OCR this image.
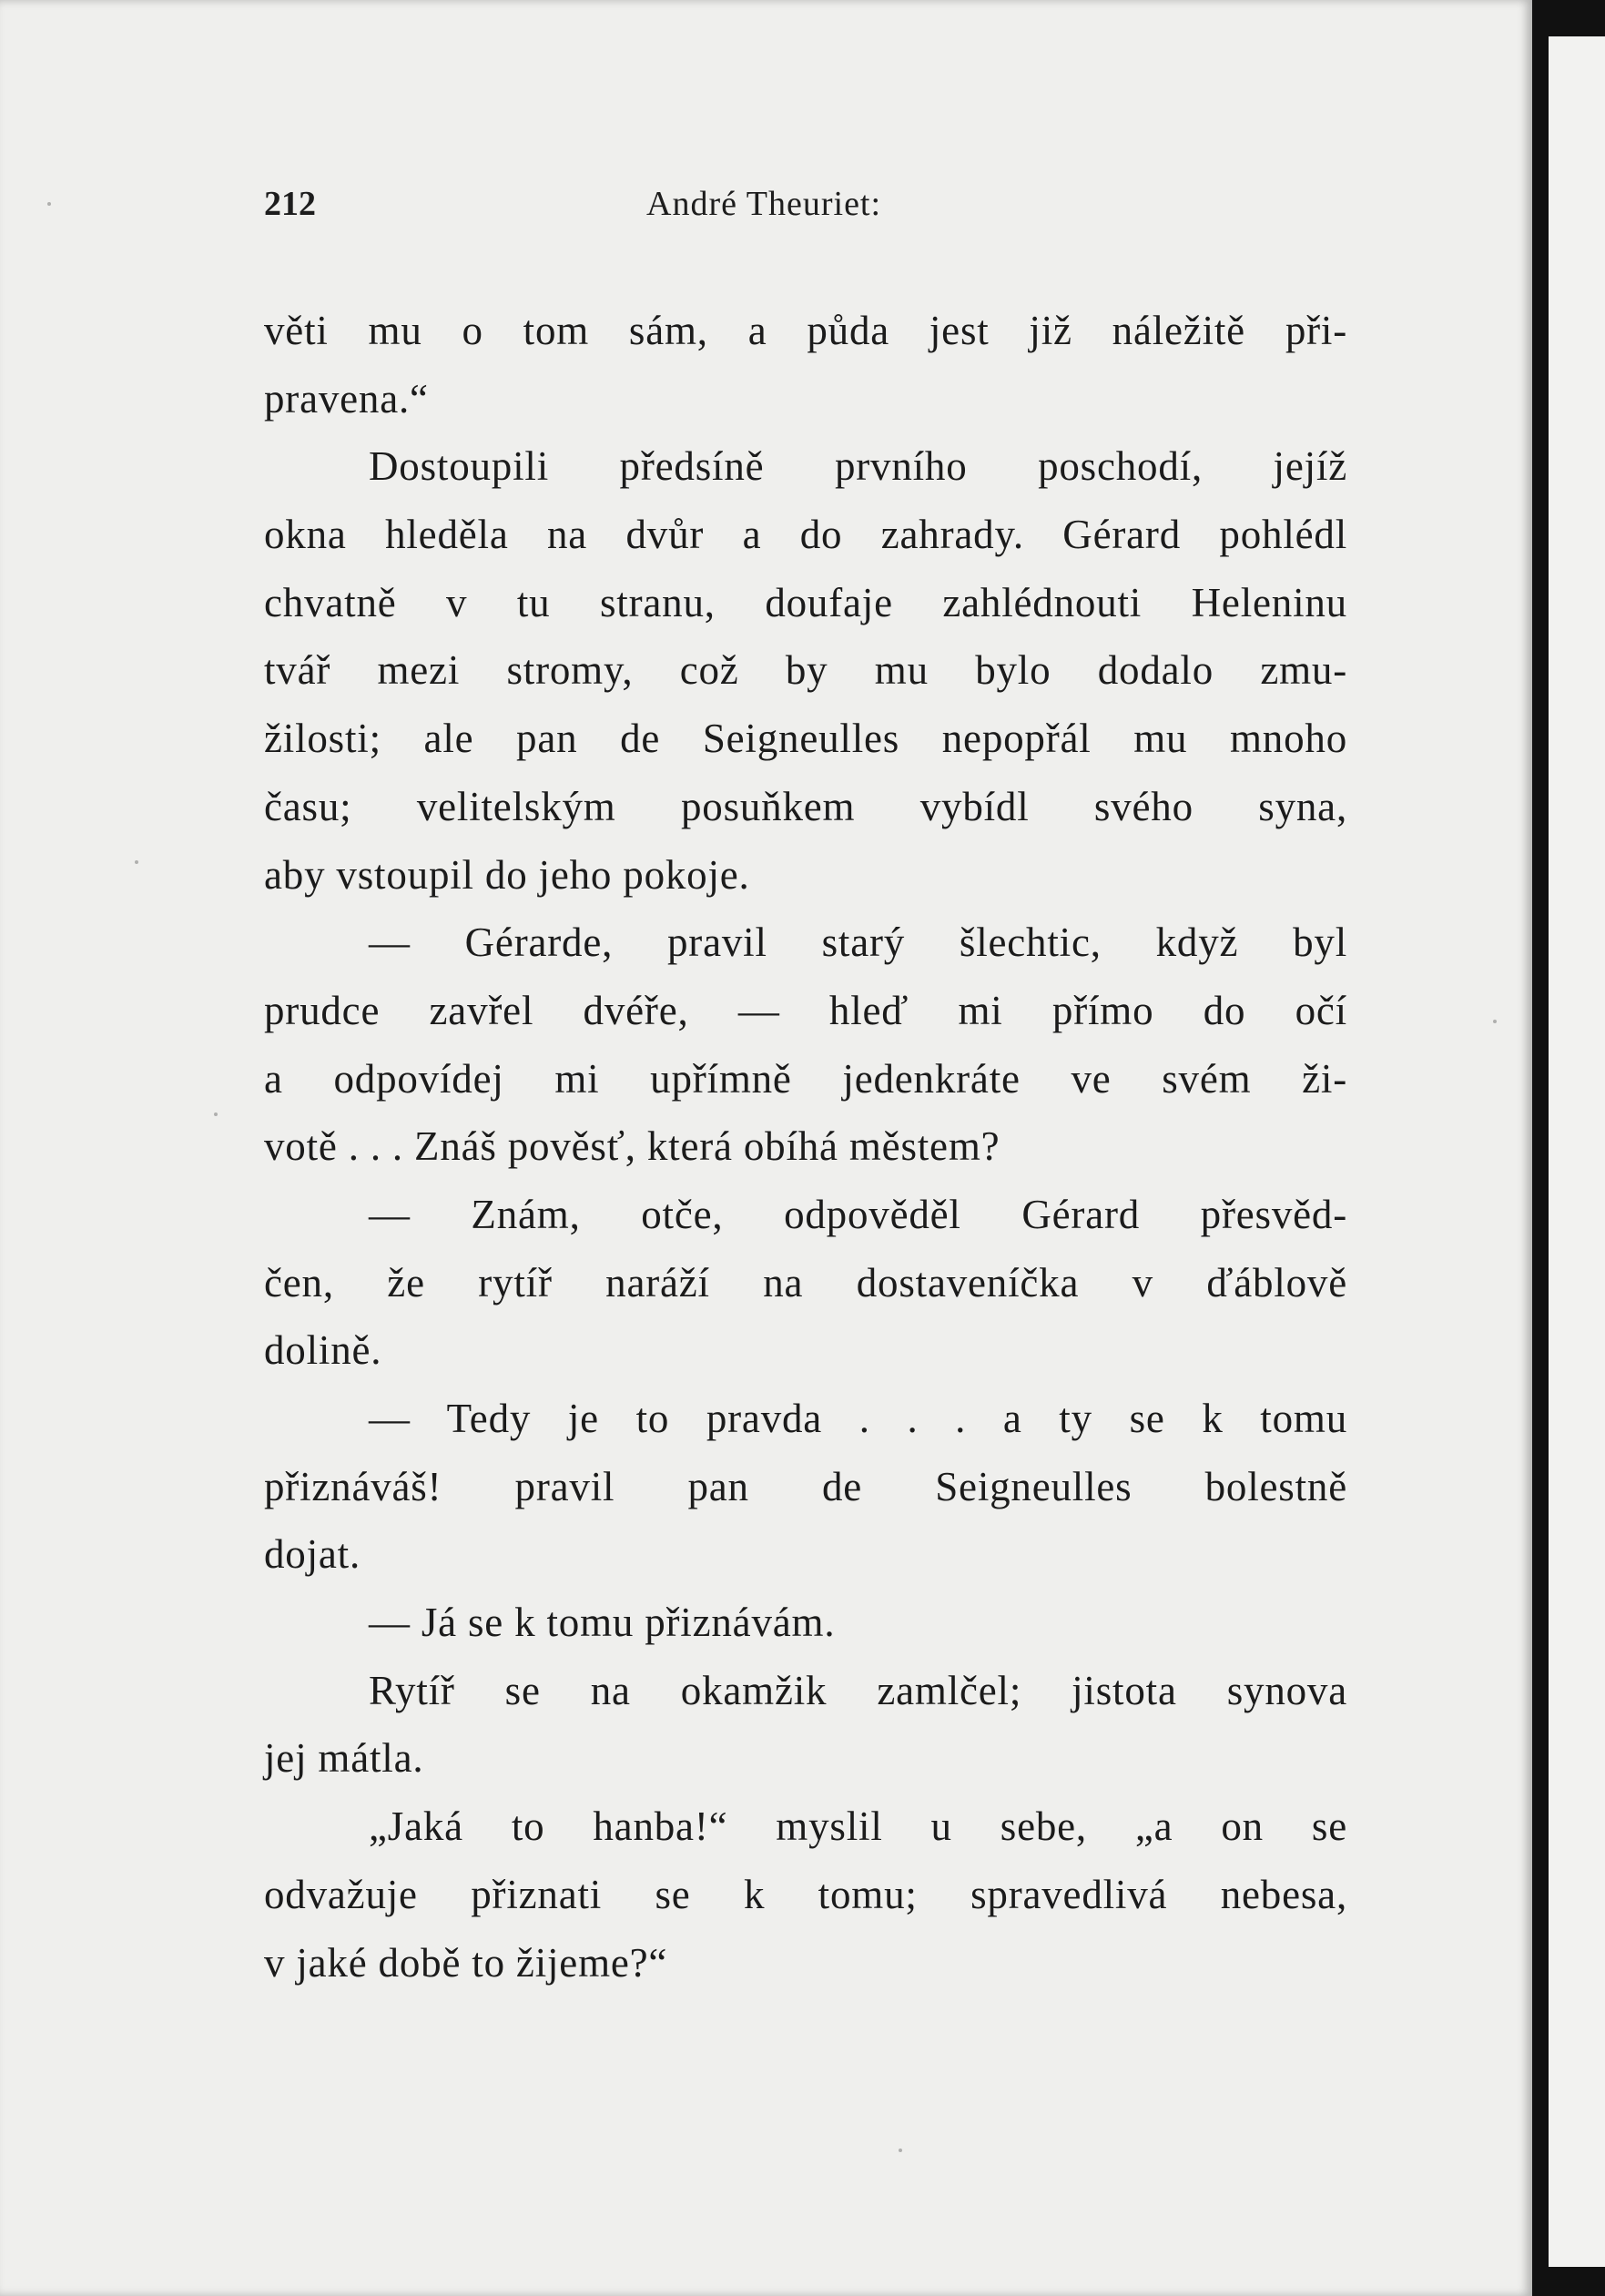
212	André Theuriet:
věti mu o tom sám, a půda jest již náležitě při-
pravena.“
Dostoupili předsíně prvního poschodí, jejíž
okna hleděla na dvůr a do zahrady. Gérard pohlédl
chvatně v tu stranu, doufaje zahlédnouti Heleninu
tvář mezi stromy, což by mu bylo dodalo zmu-
žilosti; ale pan de Seigneulles nepopřál mu mnoho
času; velitelským posuňkem vybídl svého syna,
aby vstoupil do jeho pokoje.
— Gérarde, pravil starý šlechtic, když byl
prudce zavřel dvéře, — hleď mi přímo do očí
a odpovídej mi upřímně jedenkráte ve svém ži-
votě . . . Znáš pověsť, která obíhá městem?
— Znám, otče, odpověděl Gérard přesvěd-
čen, že rytíř naráží na dostaveníčka v ďáblově
dolině.
— Tedy je to pravda . . . a ty se k tomu
přiznáváš! pravil pan de Seigneulles bolestně
dojat.
— Já se k tomu přiznávám.
Rytíř se na okamžik zamlčel; jistota synova
jej mátla.
„Jaká to hanba!“ myslil u sebe, „a on se
odvažuje přiznati se k tomu; spravedlivá nebesa,
v jaké době to žijeme?“
